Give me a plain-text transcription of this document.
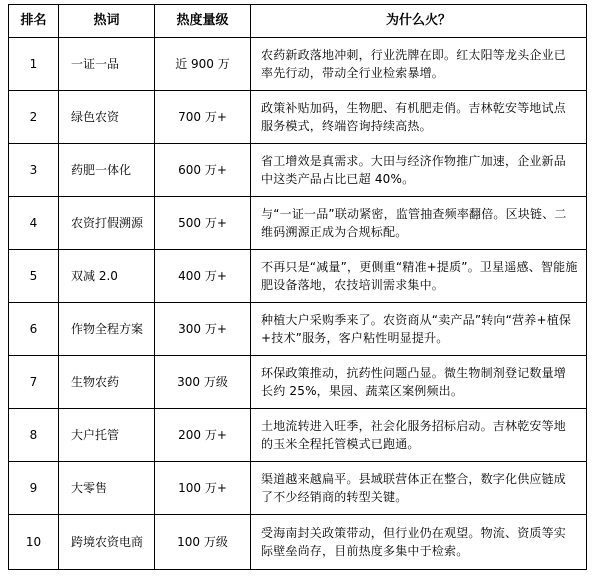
排名	热词	热度量级	为什么火？
1	一证一品	近 900 万	农药新政落地冲刺，行业洗牌在即。红太阳等龙头企业已率先行动，带动全行业检索暴增。
2	绿色农资	700 万+	政策补贴加码，生物肥、有机肥走俏。吉林乾安等地试点服务模式，终端咨询持续高热。
3	药肥一体化	600 万+	省工增效是真需求。大田与经济作物推广加速，企业新品中这类产品占比已超 40%。
4	农资打假溯源	500 万+	与“一证一品”联动紧密，监管抽查频率翻倍。区块链、二维码溯源正成为合规标配。
5	双减 2.0	400 万+	不再只是“减量”，更侧重“精准+提质”。卫星遥感、智能施肥设备落地，农技培训需求集中。
6	作物全程方案	300 万+	种植大户采购季来了。农资商从“卖产品”转向“营养+植保+技术”服务，客户粘性明显提升。
7	生物农药	300 万级	环保政策推动，抗药性问题凸显。微生物制剂登记数量增长约 25%，果园、蔬菜区案例频出。
8	大户托管	200 万+	土地流转进入旺季，社会化服务招标启动。吉林乾安等地的玉米全程托管模式已跑通。
9	大零售	100 万+	渠道越来越扁平。县域联营体正在整合，数字化供应链成了不少经销商的转型关键。
10	跨境农资电商	100 万级	受海南封关政策带动，但行业仍在观望。物流、资质等实际壁垒尚存，目前热度多集中于检索。
